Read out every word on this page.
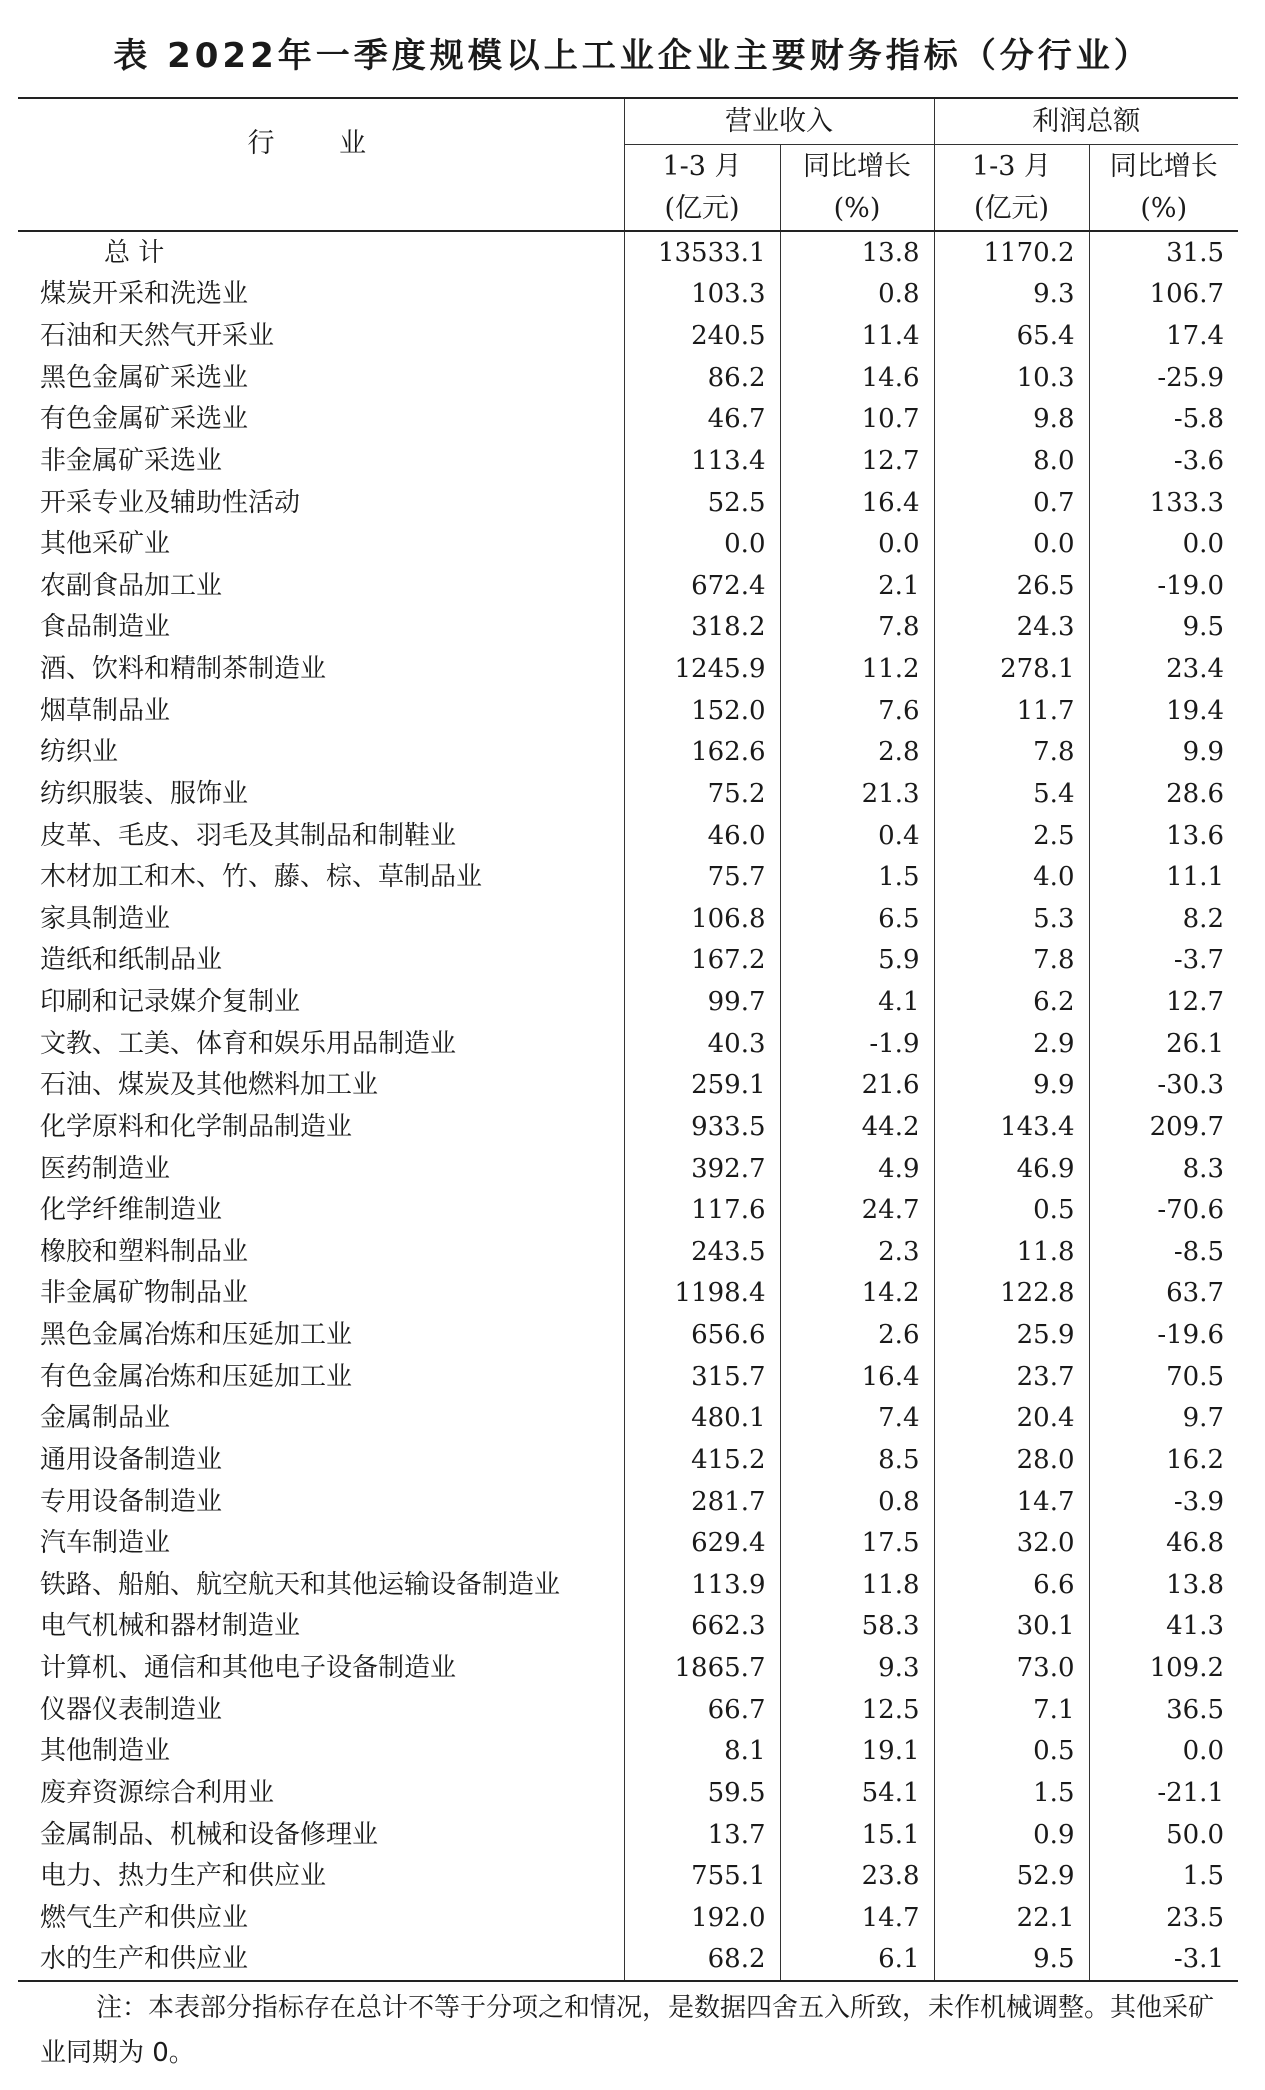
表 2022年一季度规模以上工业企业主要财务指标（分行业）
行 业	营业收入		利润总额	
	1-3 月	同比增长	1-3 月	同比增长
	(亿元)	(%)	(亿元)	(%)
总 计	13533.1	13.8	1170.2	31.5
煤炭开采和洗选业	103.3	0.8	9.3	106.7
石油和天然气开采业	240.5	11.4	65.4	17.4
黑色金属矿采选业	86.2	14.6	10.3	-25.9
有色金属矿采选业	46.7	10.7	9.8	-5.8
非金属矿采选业	113.4	12.7	8.0	-3.6
开采专业及辅助性活动	52.5	16.4	0.7	133.3
其他采矿业	0.0	0.0	0.0	0.0
农副食品加工业	672.4	2.1	26.5	-19.0
食品制造业	318.2	7.8	24.3	9.5
酒、饮料和精制茶制造业	1245.9	11.2	278.1	23.4
烟草制品业	152.0	7.6	11.7	19.4
纺织业	162.6	2.8	7.8	9.9
纺织服装、服饰业	75.2	21.3	5.4	28.6
皮革、毛皮、羽毛及其制品和制鞋业	46.0	0.4	2.5	13.6
木材加工和木、竹、藤、棕、草制品业	75.7	1.5	4.0	11.1
家具制造业	106.8	6.5	5.3	8.2
造纸和纸制品业	167.2	5.9	7.8	-3.7
印刷和记录媒介复制业	99.7	4.1	6.2	12.7
文教、工美、体育和娱乐用品制造业	40.3	-1.9	2.9	26.1
石油、煤炭及其他燃料加工业	259.1	21.6	9.9	-30.3
化学原料和化学制品制造业	933.5	44.2	143.4	209.7
医药制造业	392.7	4.9	46.9	8.3
化学纤维制造业	117.6	24.7	0.5	-70.6
橡胶和塑料制品业	243.5	2.3	11.8	-8.5
非金属矿物制品业	1198.4	14.2	122.8	63.7
黑色金属冶炼和压延加工业	656.6	2.6	25.9	-19.6
有色金属冶炼和压延加工业	315.7	16.4	23.7	70.5
金属制品业	480.1	7.4	20.4	9.7
通用设备制造业	415.2	8.5	28.0	16.2
专用设备制造业	281.7	0.8	14.7	-3.9
汽车制造业	629.4	17.5	32.0	46.8
铁路、船舶、航空航天和其他运输设备制造业	113.9	11.8	6.6	13.8
电气机械和器材制造业	662.3	58.3	30.1	41.3
计算机、通信和其他电子设备制造业	1865.7	9.3	73.0	109.2
仪器仪表制造业	66.7	12.5	7.1	36.5
其他制造业	8.1	19.1	0.5	0.0
废弃资源综合利用业	59.5	54.1	1.5	-21.1
金属制品、机械和设备修理业	13.7	15.1	0.9	50.0
电力、热力生产和供应业	755.1	23.8	52.9	1.5
燃气生产和供应业	192.0	14.7	22.1	23.5
水的生产和供应业	68.2	6.1	9.5	-3.1
注：本表部分指标存在总计不等于分项之和情况，是数据四舍五入所致，未作机械调整。其他采矿业同期为 0。
